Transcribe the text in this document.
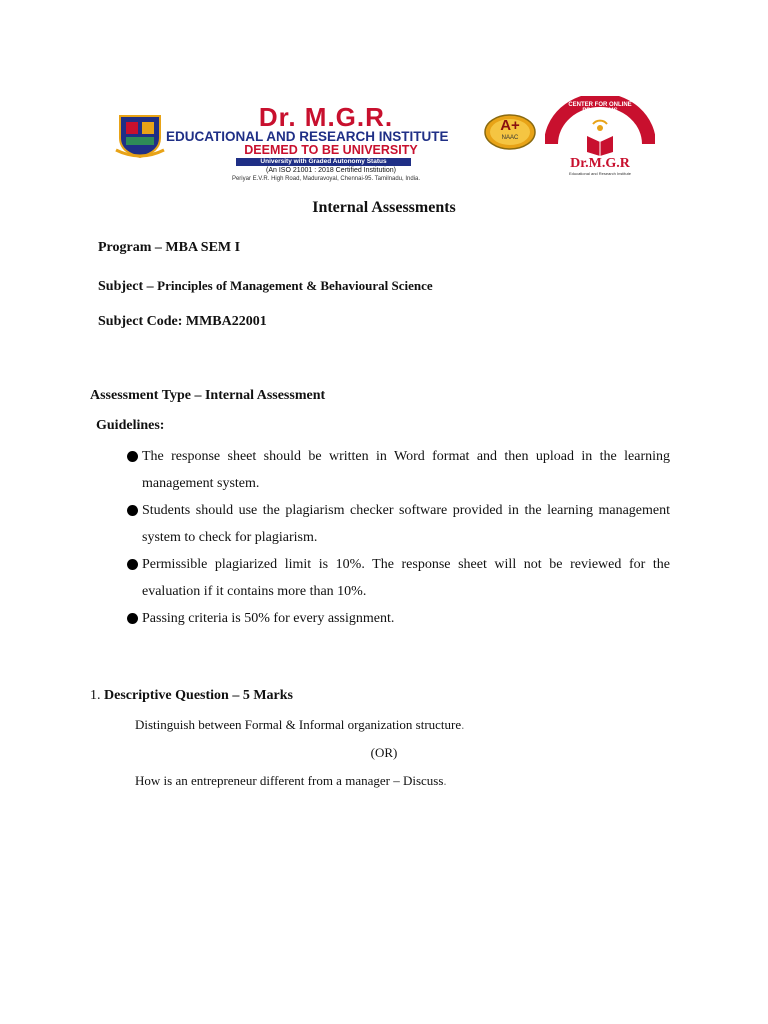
Dr. M.G.R.
EDUCATIONAL AND RESEARCH INSTITUTE
DEEMED TO BE UNIVERSITY
University with Graded Autonomy Status
(An ISO 21001 : 2018 Certified Institution)
Periyar E.V.R. High Road, Maduravoyal, Chennai-95. Tamilnadu, India.
A+
NAAC
CENTER FOR ONLINE PROGRAMS
Dr.M.G.R
Educational and Research Institute
Internal Assessments
Program – MBA SEM I
Subject – Principles of Management & Behavioural Science
Subject Code: MMBA22001
Assessment Type – Internal Assessment
Guidelines:
The response sheet should be written in Word format and then upload in the learning management system.
Students should use the plagiarism checker software provided in the learning management system to check for plagiarism.
Permissible plagiarized limit is 10%. The response sheet will not be reviewed for the evaluation if it contains more than 10%.
Passing criteria is 50% for every assignment.
1. Descriptive Question – 5 Marks
Distinguish between Formal & Informal organization structure.
(OR)
How is an entrepreneur different from a manager – Discuss.
